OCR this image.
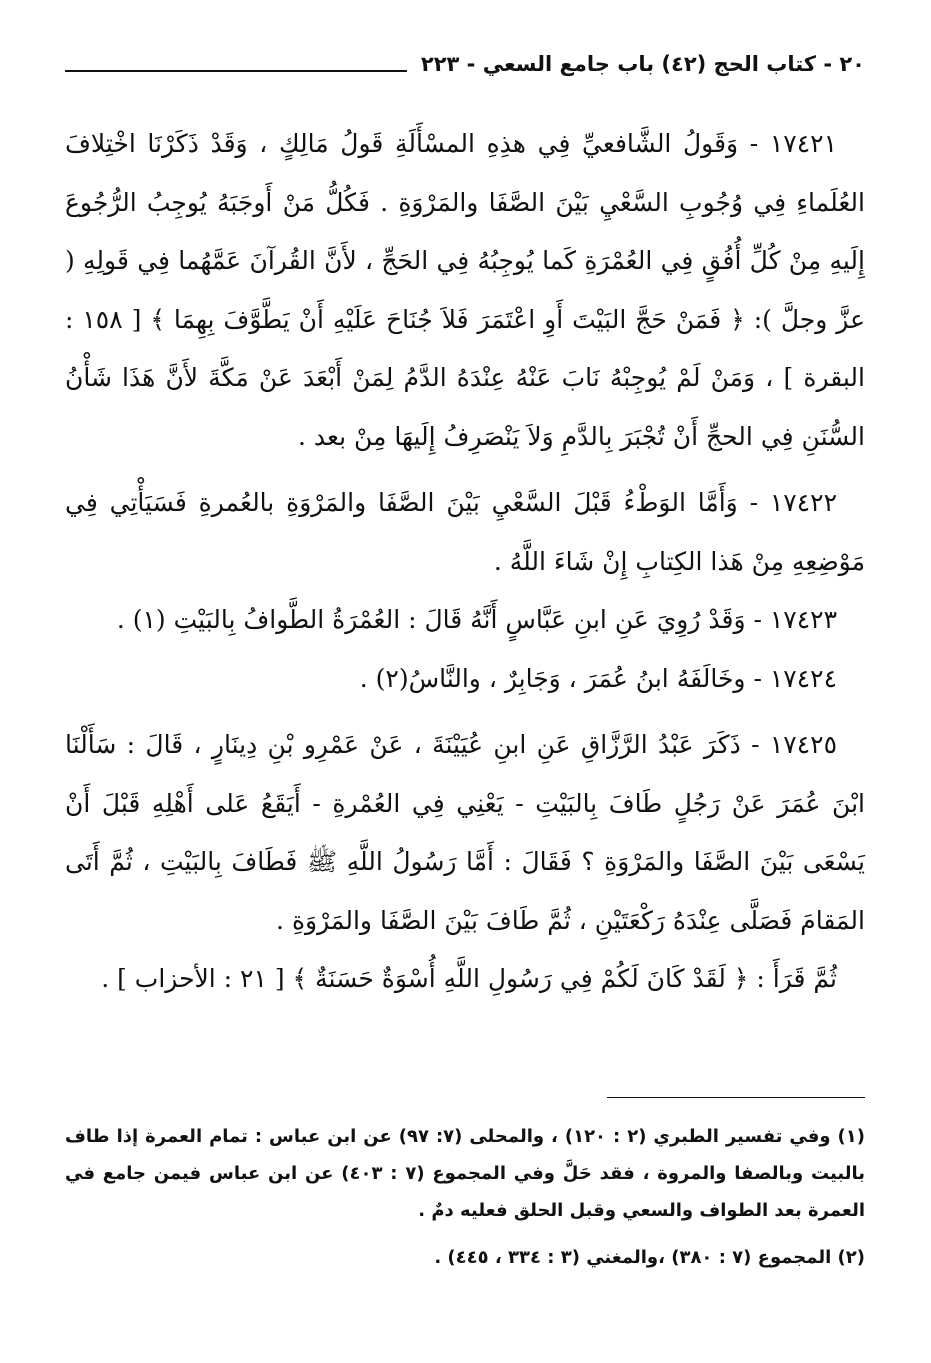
٢٠ - كتاب الحج (٤٢) باب جامع السعي - ٢٢٣

١٧٤٢١ - وَقَولُ الشَّافعيِّ فِي هذِهِ المسْأَلَةِ قَولُ مَالِكٍ ، وَقَدْ ذَكَرْنَا اخْتِلافَ العُلَماءِ فِي وُجُوبِ السَّعْيِ بَيْنَ الصَّفَا والمَرْوَةِ . فَكُلُّ مَنْ أَوجَبَهُ يُوجِبُ الرُّجُوعَ إِلَيهِ مِنْ كُلِّ أُفُقٍ فِي العُمْرَةِ كَما يُوجِبُهُ فِي الحَجِّ ، لأَنَّ القُرآنَ عَمَّهُما فِي قَولِهِ ( عزَّ وجلَّ ): ﴿ فَمَنْ حَجَّ البَيْتَ أَوِ اعْتَمَرَ فَلاَ جُنَاحَ عَلَيْهِ أَنْ يَطَّوَّفَ بِهِمَا ﴾ [ ١٥٨ : البقرة ] ، وَمَنْ لَمْ يُوجِبْهُ نَابَ عَنْهُ عِنْدَهُ الدَّمُ لِمَنْ أَبْعَدَ عَنْ مَكَّةَ لأَنَّ هَذَا شَأْنُ السُّنَنِ فِي الحجِّ أَنْ تُجْبَرَ بِالدَّمِ وَلاَ يَنْصَرِفُ إِلَيهَا مِنْ بعد .

١٧٤٢٢ - وَأَمَّا الوَطْءُ قَبْلَ السَّعْيِ بَيْنَ الصَّفَا والمَرْوَةِ بالعُمرةِ فَسَيَأْتِي فِي مَوْضِعِهِ مِنْ هَذا الكِتابِ إِنْ شَاءَ اللَّهُ .

١٧٤٢٣ - وَقَدْ رُوِيَ عَنِ ابنِ عَبَّاسٍ أَنَّهُ قَالَ : العُمْرَةُ الطَّوافُ بِالبَيْتِ (١) .

١٧٤٢٤ - وخَالَفَهُ ابنُ عُمَرَ ، وَجَابِرٌ ، والنَّاسُ(٢) .

١٧٤٢٥ - ذَكَرَ عَبْدُ الرَّزَّاقِ عَنِ ابنِ عُيَيْنَةَ ، عَنْ عَمْرِو بْنِ دِينَارٍ ، قَالَ : سَأَلْنَا ابْنَ عُمَرَ عَنْ رَجُلٍ طَافَ بِالبَيْتِ - يَعْنِي فِي العُمْرةِ - أَيَقَعُ عَلى أَهْلِهِ قَبْلَ أَنْ يَسْعَى بَيْنَ الصَّفَا والمَرْوَةِ ؟ فَقَالَ : أَمَّا رَسُولُ اللَّهِ ﷺ فَطَافَ بِالبَيْتِ ، ثُمَّ أَتَى المَقامَ فَصَلَّى عِنْدَهُ رَكْعَتَيْنِ ، ثُمَّ طَافَ بَيْنَ الصَّفَا والمَرْوَةِ .

ثُمَّ قَرَأَ : ﴿ لَقَدْ كَانَ لَكُمْ فِي رَسُولِ اللَّهِ أُسْوَةٌ حَسَنَةٌ ﴾ [ ٢١ : الأحزاب ] .

(١) وفي تفسير الطبري (٢ : ١٢٠) ، والمحلى (٧: ٩٧) عن ابن عباس : تمام العمرة إذا طاف بالبيت وبالصفا والمروة ، فقد حَلَّ وفي المجموع (٧ : ٤٠٣) عن ابن عباس فيمن جامع في العمرة بعد الطواف والسعي وقبل الحلق فعليه دمٌ .

(٢) المجموع (٧ : ٣٨٠) ،والمغني (٣ : ٣٣٤ ، ٤٤٥) .
